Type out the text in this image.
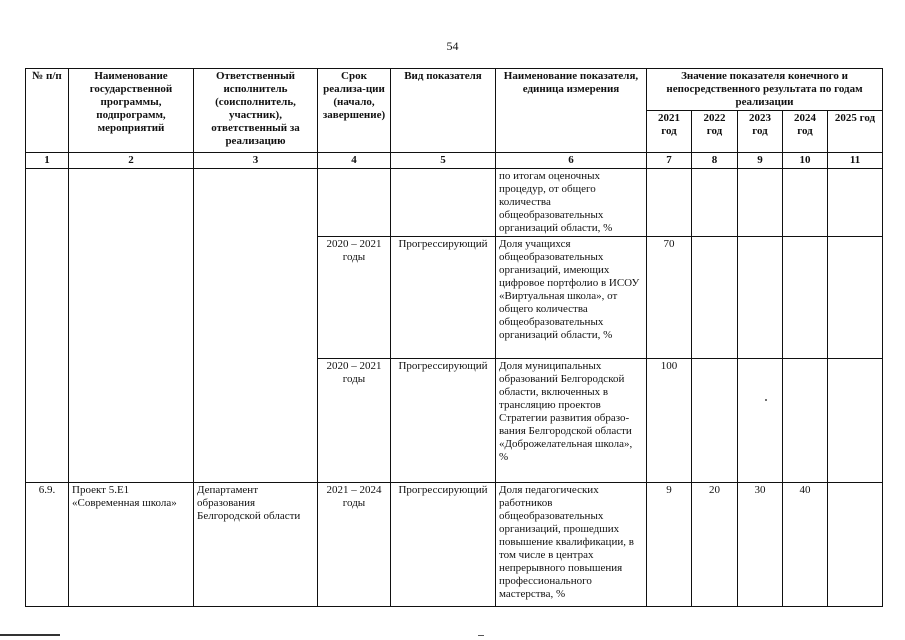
54
№ п/п	Наименование государственной программы, подпрограмм, мероприятий	Ответственный исполнитель (соисполнитель, участник), ответственный за реализацию	Срок реализа-ции (начало, завершение)	Вид показателя	Наименование показателя, единица измерения	Значение показателя конечного и непосредственного результата по годам реализации				
						2021 год	2022 год	2023 год	2024 год	2025 год
1	2	3	4	5	6	7	8	9	10	11
					по итогам оценочных процедур, от общего количества общеобразовательных организаций области, %					
			2020 – 2021 годы	Прогрессирующий	Доля учащихся общеобразовательных организаций, имеющих цифровое портфолио в ИСОУ «Виртуальная школа», от общего количества общеобразовательных организаций области, %	70				
			2020 – 2021 годы	Прогрессирующий	Доля муниципальных образований Белгородской области, включенных в трансляцию проектов Стратегии развития образо-вания Белгородской области «Доброжелательная школа», %	100				
6.9.	Проект 5.Е1 «Современная школа»	Департамент образования Белгородской области	2021 – 2024 годы	Прогрессирующий	Доля педагогических работников общеобразовательных организаций, прошедших повышение квалификации, в том числе в центрах непрерывного повышения профессионального мастерства, %	9	20	30	40	
